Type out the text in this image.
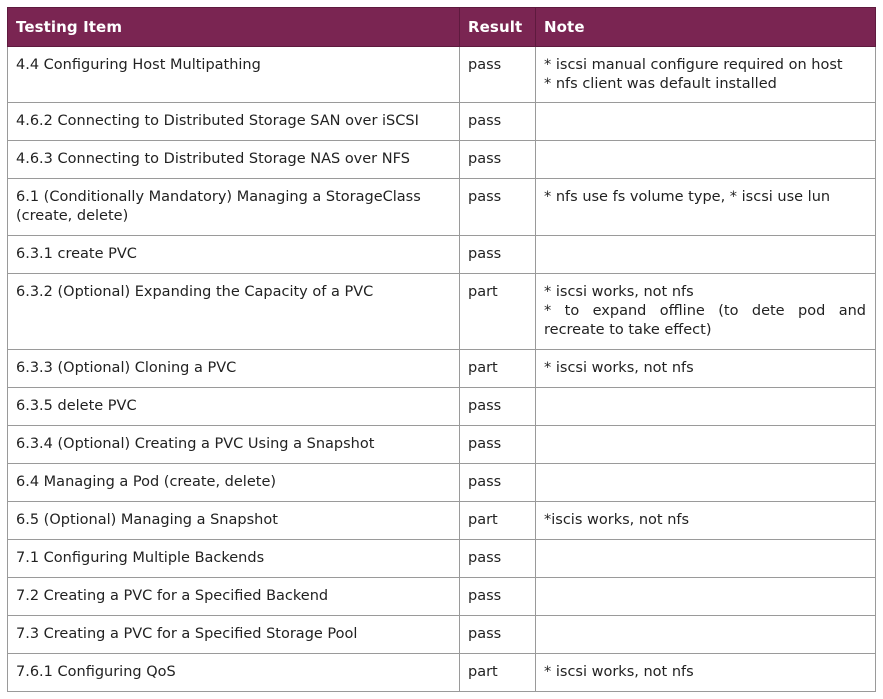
Testing Item	Result	Note
4.4 Configuring Host Multipathing	pass	* iscsi manual configure required on host
* nfs client was default installed

4.6.2 Connecting to Distributed Storage SAN over iSCSI	pass	
4.6.3 Connecting to Distributed Storage NAS over NFS	pass	
6.1 (Conditionally Mandatory) Managing a StorageClass (create, delete)	pass	* nfs use fs volume type, * iscsi use lun

6.3.1 create PVC	pass	
6.3.2 (Optional) Expanding the Capacity of a PVC	part	* iscsi works, not nfs
* to expand offline (to dete pod and recreate to take effect)

6.3.3 (Optional) Cloning a PVC	part	* iscsi works, not nfs

6.3.5 delete PVC	pass	
6.3.4 (Optional) Creating a PVC Using a Snapshot	pass	
6.4 Managing a Pod (create, delete)	pass	
6.5 (Optional) Managing a Snapshot	part	*iscis works, not nfs

7.1 Configuring Multiple Backends	pass	
7.2 Creating a PVC for a Specified Backend	pass	
7.3 Creating a PVC for a Specified Storage Pool	pass	
7.6.1 Configuring QoS	part	* iscsi works, not nfs
